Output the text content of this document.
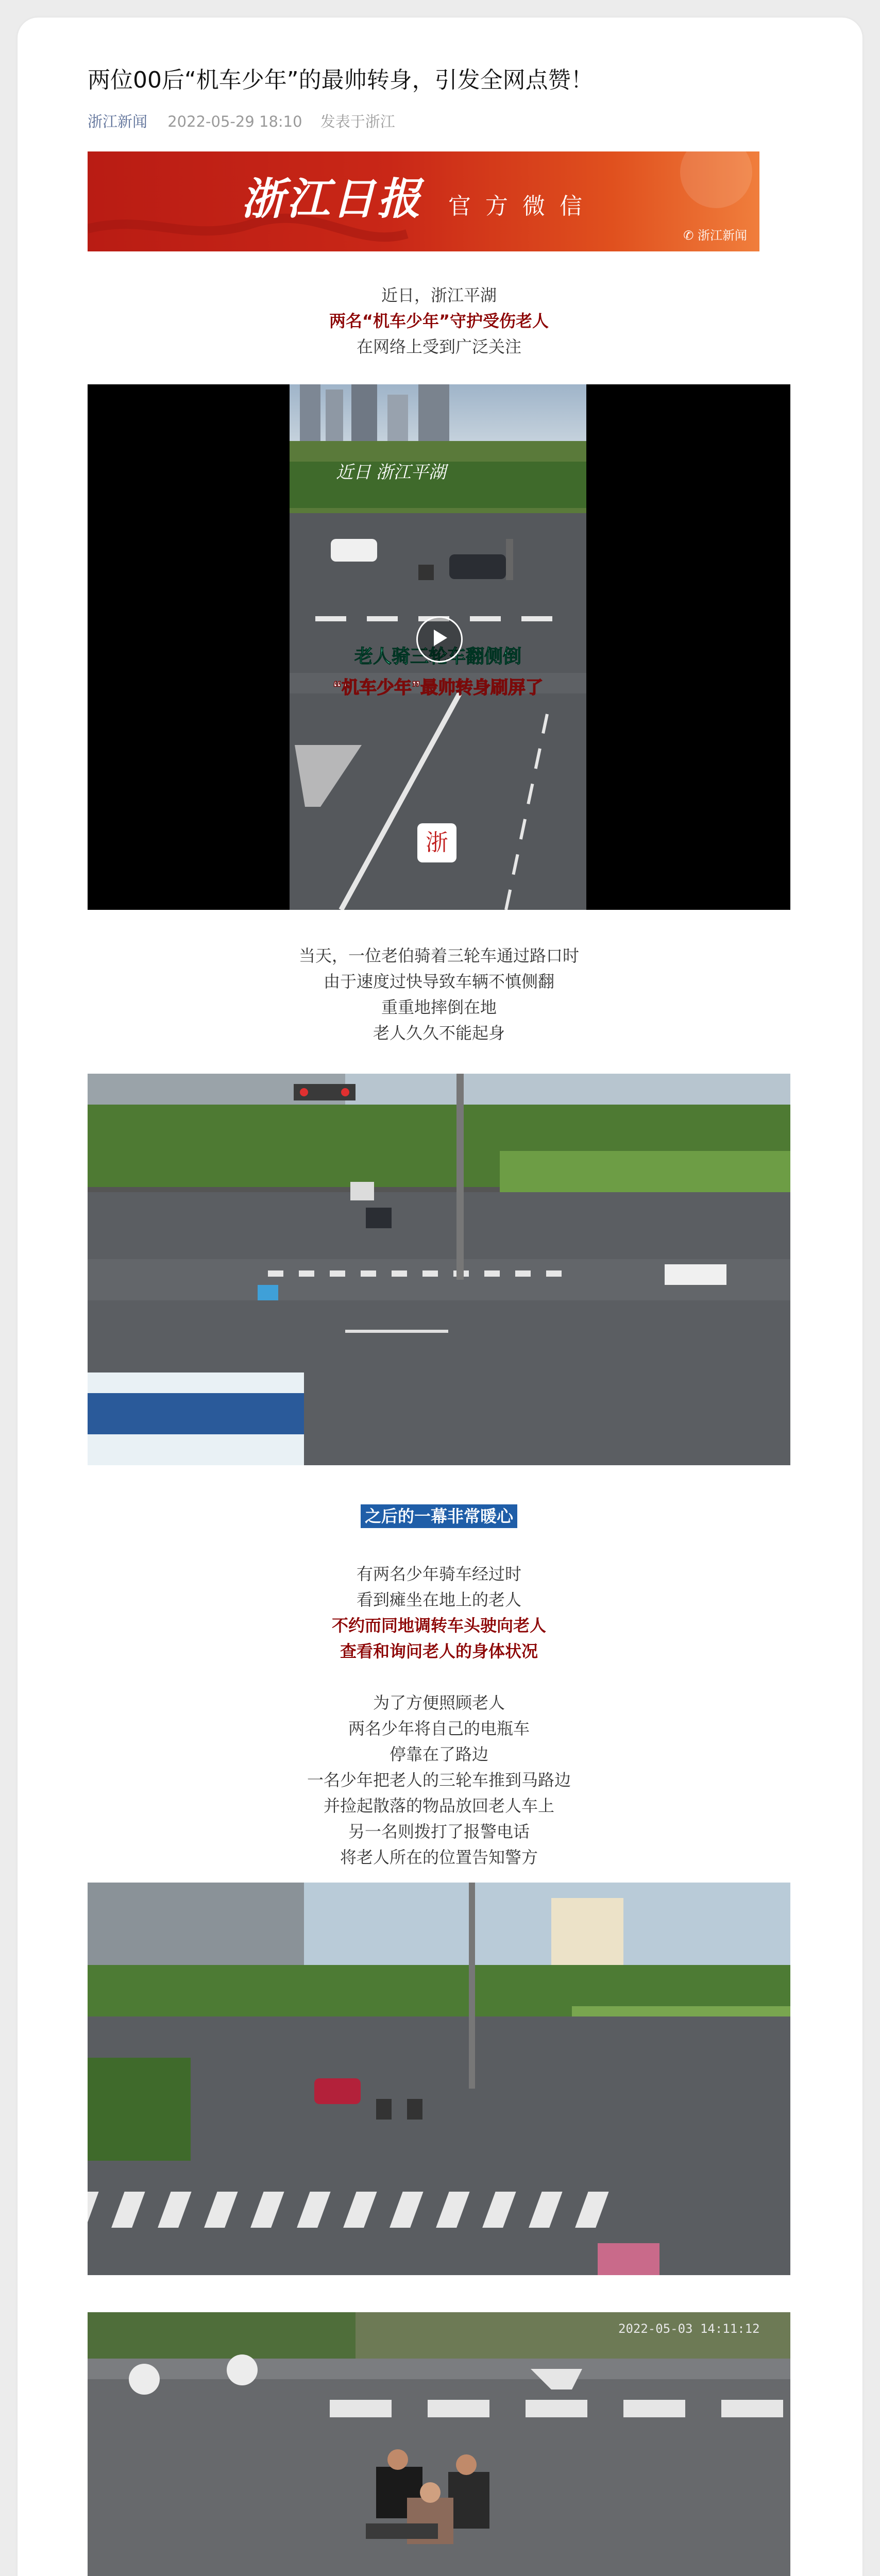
两位00后“机车少年”的最帅转身，引发全网点赞！
浙江新闻 2022-05-29 18:10 发表于浙江
浙江日报 官方微信
✆ 浙江新闻

近日，浙江平湖

两名“机车少年”守护受伤老人

在网络上受到广泛关注

近日 浙江平湖
老人骑三轮车翻侧倒
“机车少年”最帅转身刷屏了
浙

当天，一位老伯骑着三轮车通过路口时

由于速度过快导致车辆不慎侧翻

重重地摔倒在地

老人久久不能起身

之后的一幕非常暖心

有两名少年骑车经过时

看到瘫坐在地上的老人

不约而同地调转车头驶向老人

查看和询问老人的身体状况

为了方便照顾老人

两名少年将自己的电瓶车

停靠在了路边

一名少年把老人的三轮车推到马路边

并捡起散落的物品放回老人车上

另一名则拨打了报警电话

将老人所在的位置告知警方

2022-05-03 14:11:12
